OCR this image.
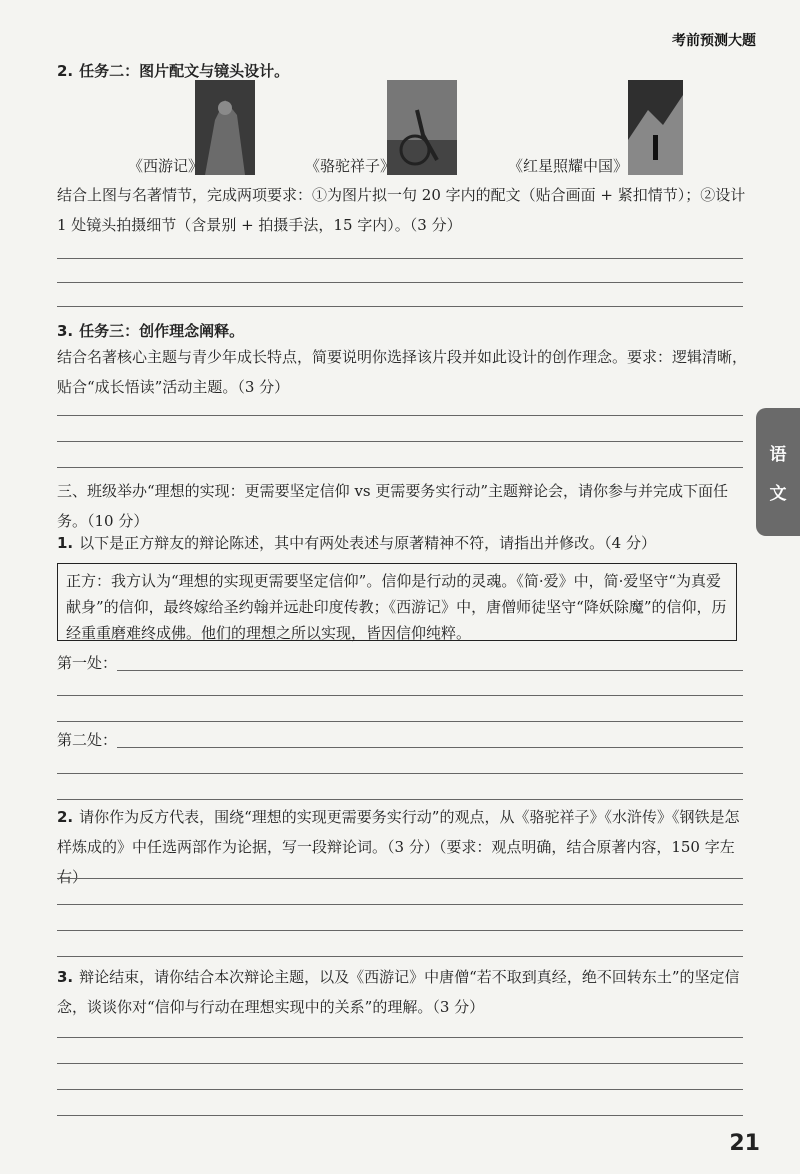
考前预测大题
2. 任务二：图片配文与镜头设计。
《西游记》	《骆驼祥子》	《红星照耀中国》
结合上图与名著情节，完成两项要求：①为图片拟一句 20 字内的配文（贴合画面 + 紧扣情节）；②设计 1 处镜头拍摄细节（含景别 + 拍摄手法，15 字内）。（3 分）
3. 任务三：创作理念阐释。
结合名著核心主题与青少年成长特点，简要说明你选择该片段并如此设计的创作理念。要求：逻辑清晰，贴合“成长悟读”活动主题。（3 分）
三、班级举办“理想的实现：更需要坚定信仰 vs 更需要务实行动”主题辩论会，请你参与并完成下面任务。（10 分）
1. 以下是正方辩友的辩论陈述，其中有两处表述与原著精神不符，请指出并修改。（4 分）
正方：我方认为“理想的实现更需要坚定信仰”。信仰是行动的灵魂。《简·爱》中，简·爱坚守“为真爱献身”的信仰，最终嫁给圣约翰并远赴印度传教；《西游记》中，唐僧师徒坚守“降妖除魔”的信仰，历经重重磨难终成佛。他们的理想之所以实现，皆因信仰纯粹。
第一处：
第二处：
2. 请你作为反方代表，围绕“理想的实现更需要务实行动”的观点，从《骆驼祥子》《水浒传》《钢铁是怎样炼成的》中任选两部作为论据，写一段辩论词。（3 分）（要求：观点明确，结合原著内容，150 字左右）
3. 辩论结束，请你结合本次辩论主题，以及《西游记》中唐僧“若不取到真经，绝不回转东土”的坚定信念，谈谈你对“信仰与行动在理想实现中的关系”的理解。（3 分）
语
文
21
